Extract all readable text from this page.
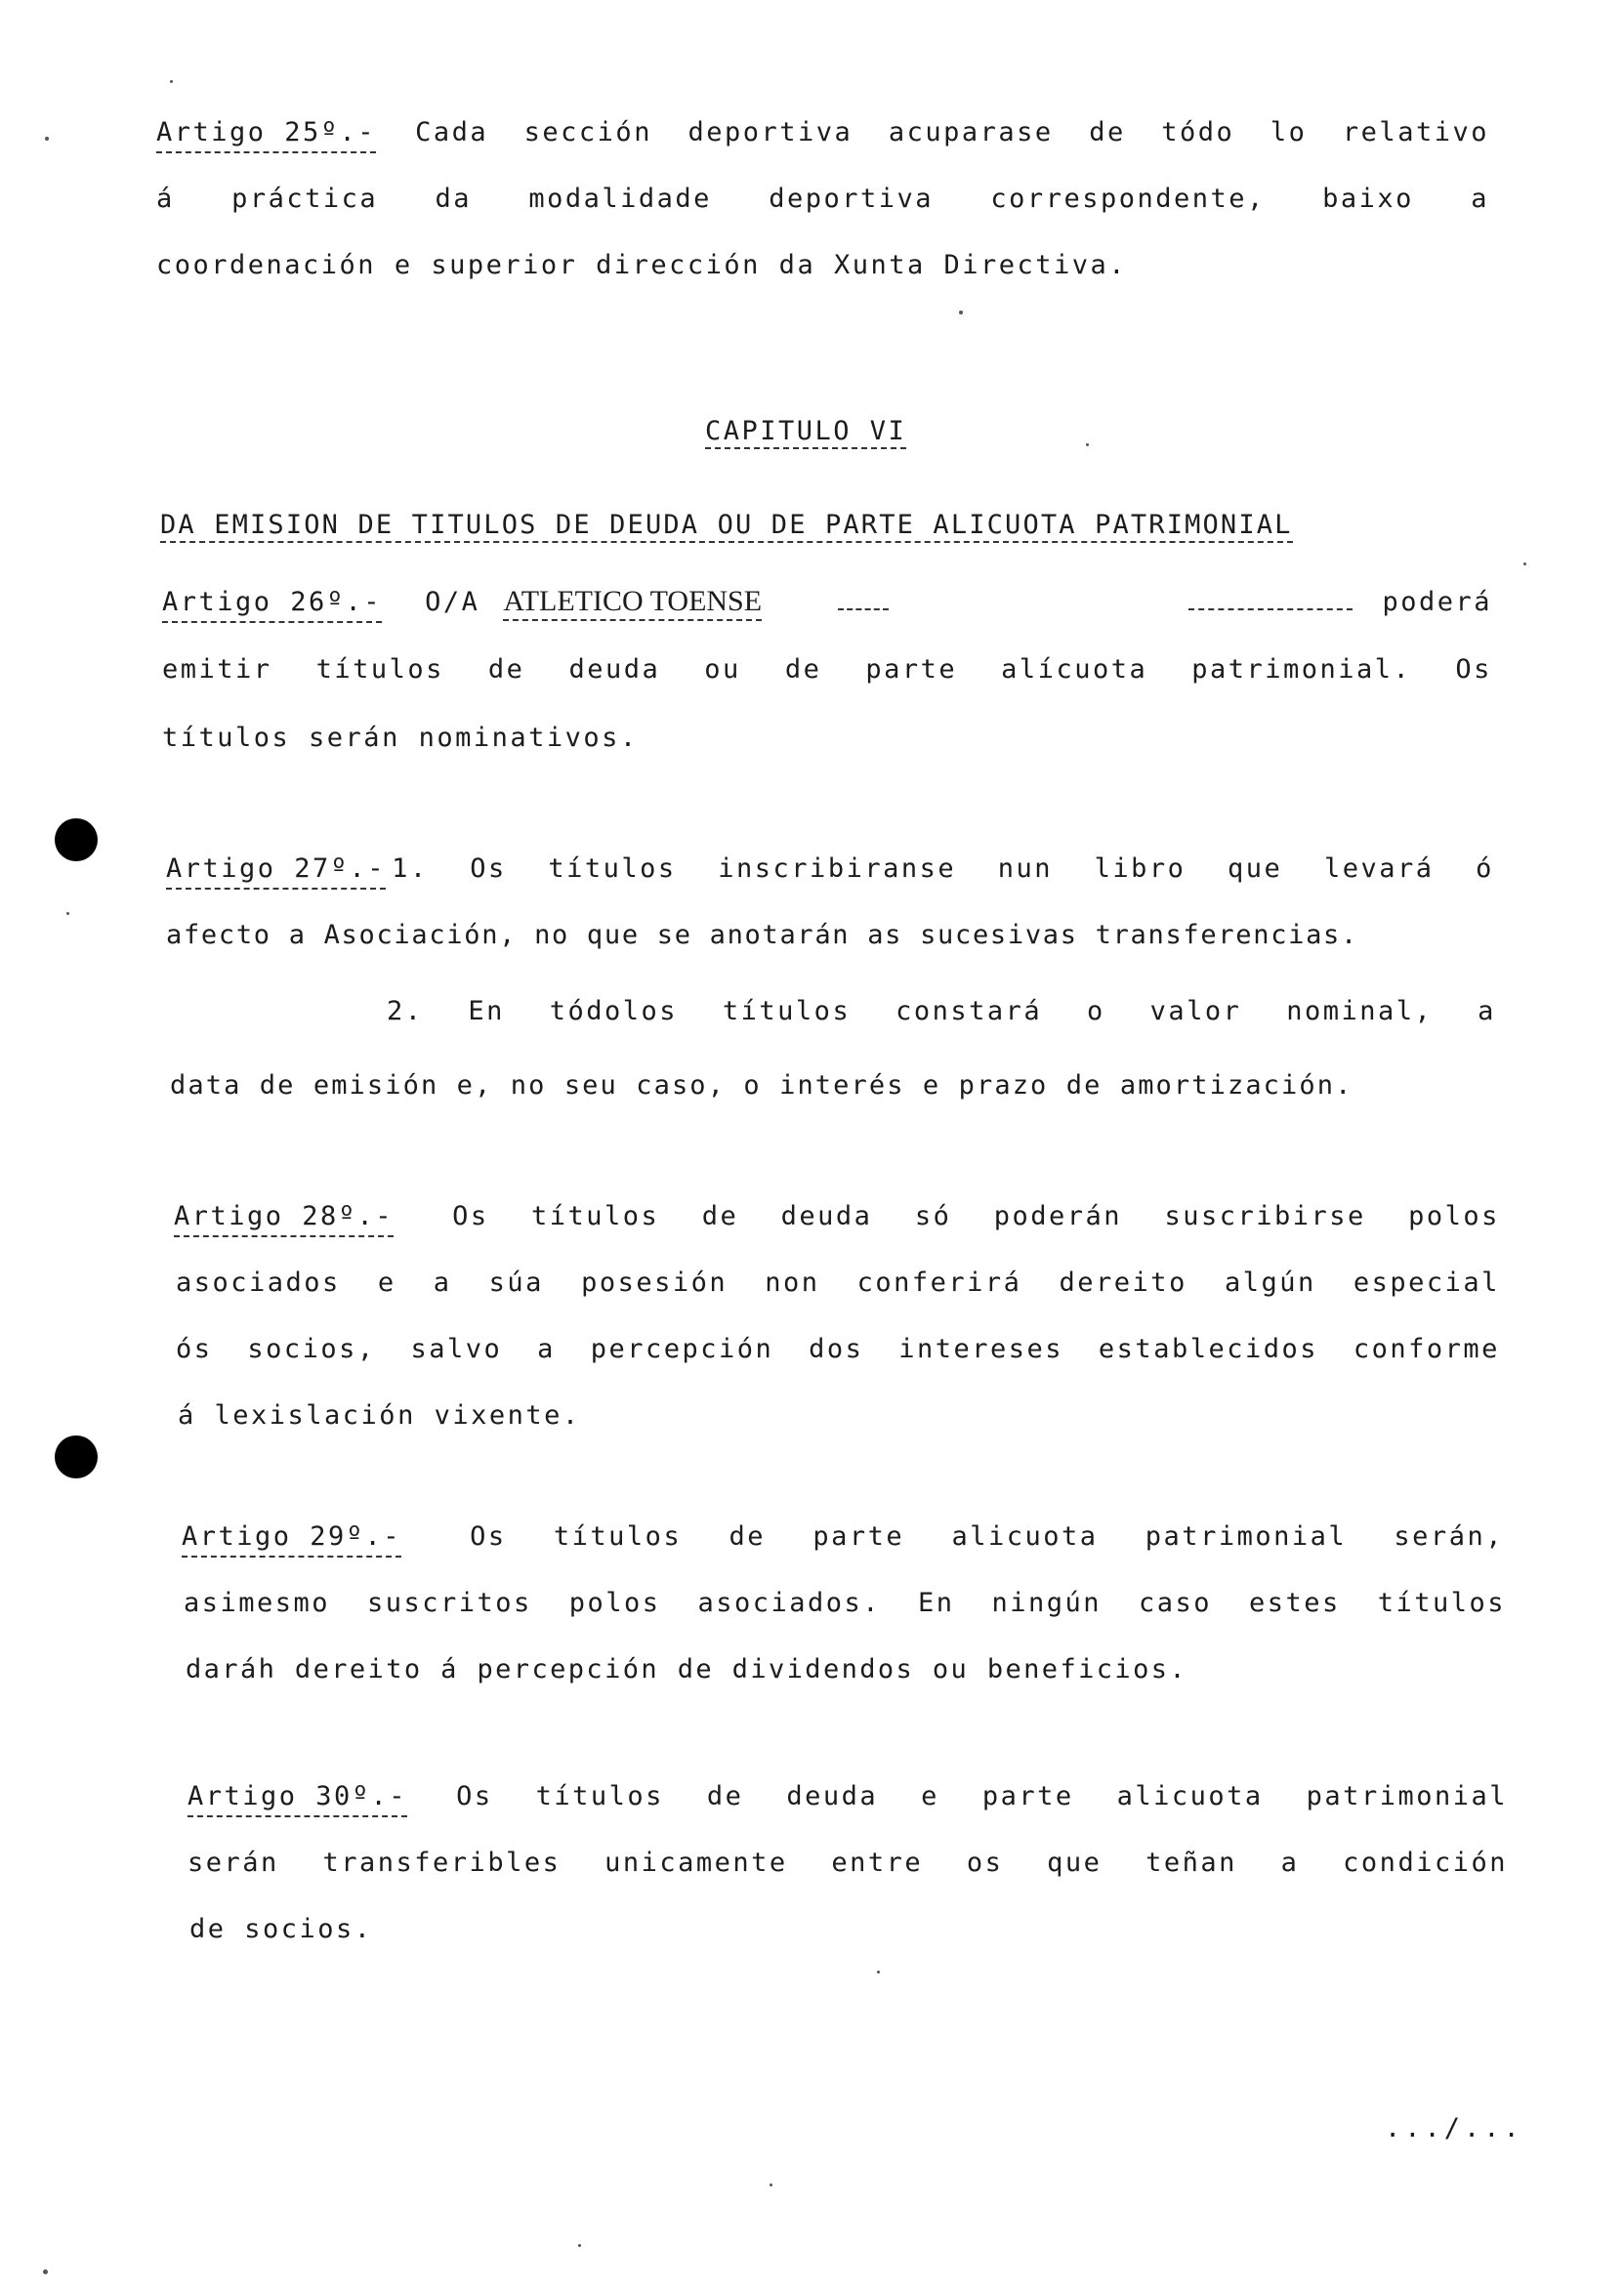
Artigo 25º.- Cada sección deportiva acuparase de tódo lo relativo
á práctica da modalidade deportiva correspondente, baixo a
coordenación e superior dirección da Xunta Directiva.
CAPITULO VI
DA EMISION DE TITULOS DE DEUDA OU DE PARTE ALICUOTA PATRIMONIAL
Artigo 26º.- O/A ATLETICO TOENSE	poderá
emitir títulos de deuda ou de parte alícuota patrimonial. Os
títulos serán nominativos.
Artigo 27º.- 1. Os títulos inscribiranse nun libro que levará ó
afecto a Asociación, no que se anotarán as sucesivas transferencias.
2. En tódolos títulos constará o valor nominal, a
data de emisión e, no seu caso, o interés e prazo de amortización.
Artigo 28º.- Os títulos de deuda só poderán suscribirse polos
asociados e a súa posesión non conferirá dereito algún especial
ós socios, salvo a percepción dos intereses establecidos conforme
á lexislación vixente.
Artigo 29º.-	Os títulos de parte alicuota patrimonial serán,
asimesmo suscritos polos asociados. En ningún caso estes títulos
daráh dereito á percepción de dividendos ou beneficios.
Artigo 30º.- Os títulos de deuda e parte alicuota patrimonial
serán transferibles unicamente entre os que teñan a condición
de socios.
.../...
